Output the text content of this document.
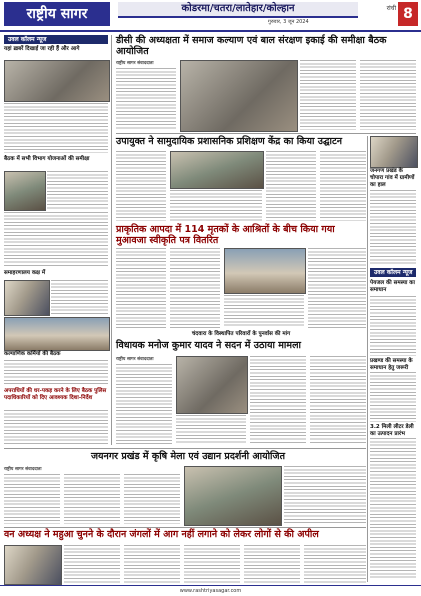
राष्ट्रीय सागर	कोडरमा/चतरा/लातेहार/कोल्हान
गुरुवार, 3 जून 2024
रांची 8
उवल कॉलम न्यूज
यहां ख़बरें दिखाई जा रही हैं और आगे
बैठक में सभी विभाग योजनाओं की समीक्षा
समाहरणालय कक्ष में
कल्याणिक कर्मियों की बैठक
अपराधियों की धर-पकड़ करने के लिए बैठक पुलिस पदाधिकारियों को दिए आवश्यक दिशा-निर्देश
डीसी की अध्यक्षता में समाज कल्याण एवं बाल संरक्षण इकाई की समीक्षा बैठक आयोजित
राष्ट्रीय सागर संवाददाता
उपायुक्त ने सामुदायिक प्रशासनिक प्रशिक्षण केंद्र का किया उद्घाटन
जनगण प्रखंड के चोपारा गांव में ग्रामीणों का हाल
प्राकृतिक आपदा में 114 मृतकों के आश्रितों के बीच किया गया मुआवजा स्वीकृति पत्र वितरित
उवल कॉलम न्यूज
पेयजल की समस्या का समाधान
प्रखण्ड की समस्या के समाधान हेतु जरूरी
3.2 मिली लीटर डेली का उत्पादन प्रारंभ
चंदवारा के विस्थापित परिवारों के पुनर्वास की मांग
विधायक मनोज कुमार यादव ने सदन में उठाया मामला
राष्ट्रीय सागर संवाददाता
जयनगर प्रखंड में कृषि मेला एवं उद्यान प्रदर्शनी आयोजित
राष्ट्रीय सागर संवाददाता
वन अध्यक्ष ने महुआ चुनने के दौरान जंगलों में आग नहीं लगाने को लेकर लोगों से की अपील
www.rashtriyasagar.com
